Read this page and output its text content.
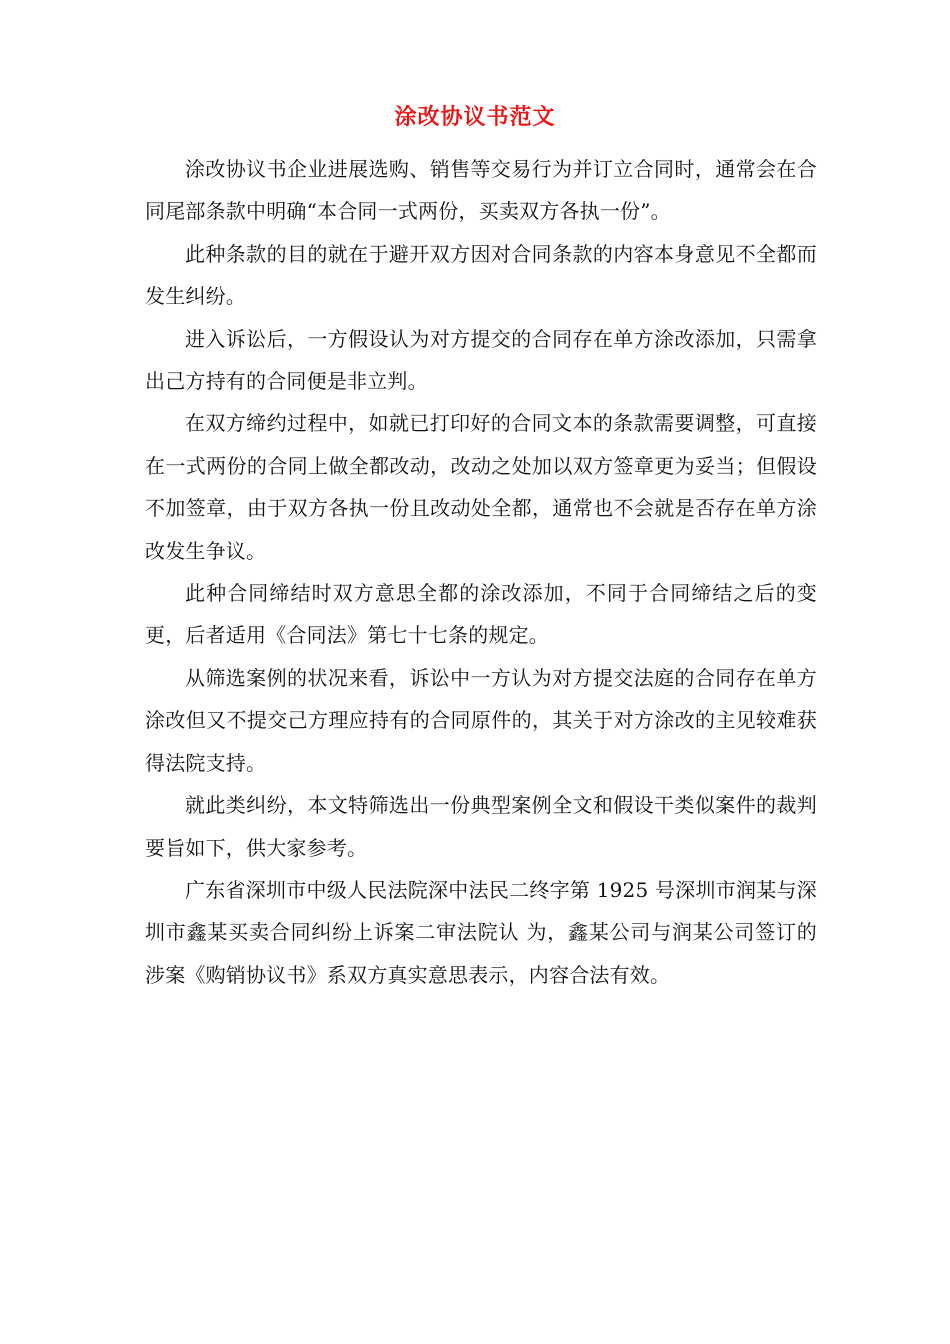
涂改协议书范文

涂改协议书企业进展选购、销售等交易行为并订立合同时，通常会在合同尾部条款中明确“本合同一式两份，买卖双方各执一份”。

此种条款的目的就在于避开双方因对合同条款的内容本身意见不全都而发生纠纷。

进入诉讼后，一方假设认为对方提交的合同存在单方涂改添加，只需拿出己方持有的合同便是非立判。

在双方缔约过程中，如就已打印好的合同文本的条款需要调整，可直接在一式两份的合同上做全都改动，改动之处加以双方签章更为妥当；但假设不加签章，由于双方各执一份且改动处全都，通常也不会就是否存在单方涂改发生争议。

此种合同缔结时双方意思全都的涂改添加，不同于合同缔结之后的变更，后者适用《合同法》第七十七条的规定。

从筛选案例的状况来看，诉讼中一方认为对方提交法庭的合同存在单方涂改但又不提交己方理应持有的合同原件的，其关于对方涂改的主见较难获得法院支持。

就此类纠纷，本文特筛选出一份典型案例全文和假设干类似案件的裁判要旨如下，供大家参考。

广东省深圳市中级人民法院深中法民二终字第 1925 号深圳市润某与深圳市鑫某买卖合同纠纷上诉案二审法院认 为，鑫某公司与润某公司签订的涉案《购销协议书》系双方真实意思表示，内容合法有效。
